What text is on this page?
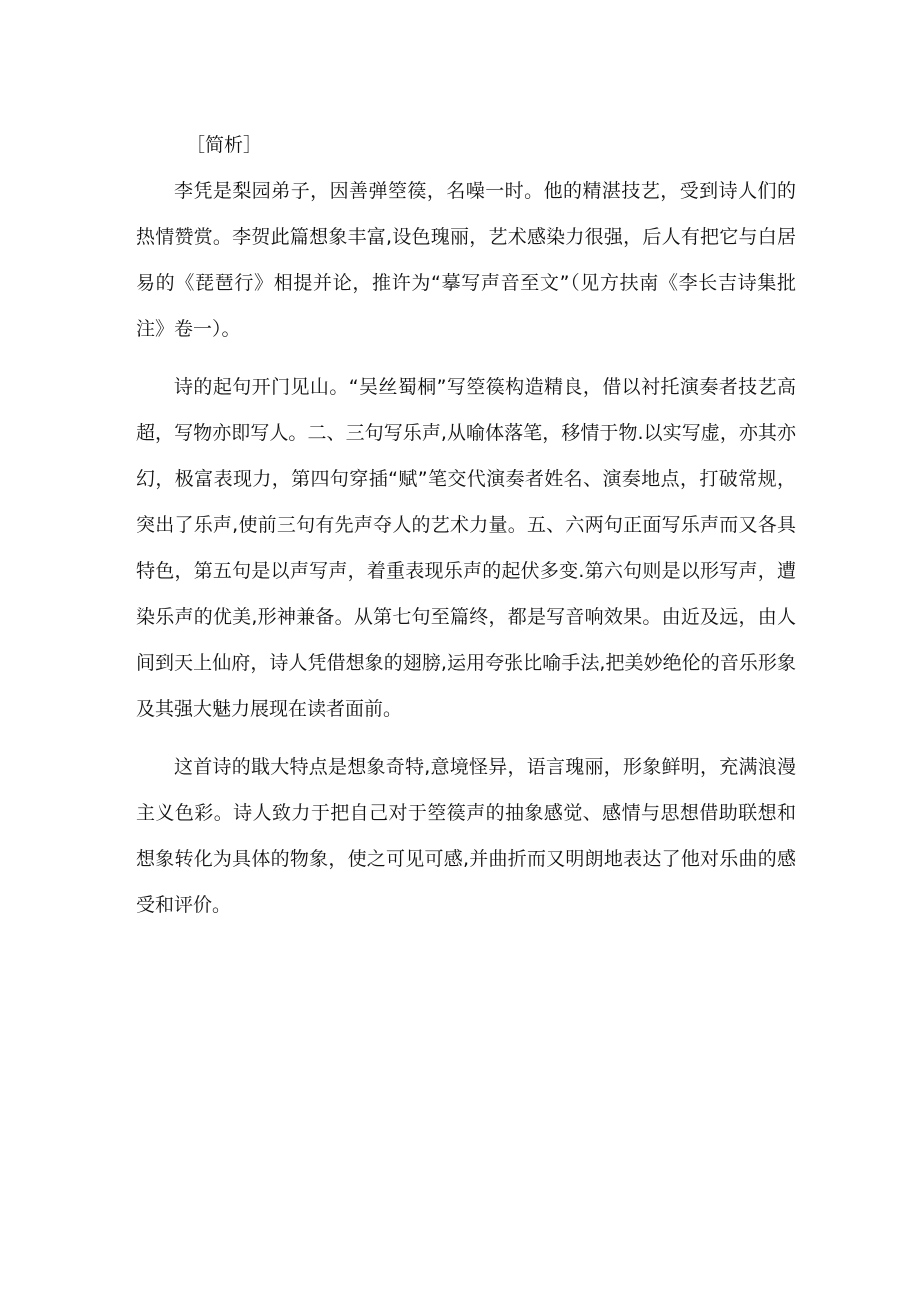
［简析］

李凭是梨园弟子，因善弹箜篌，名噪一时。他的精湛技艺，受到诗人们的热情赞赏。李贺此篇想象丰富,设色瑰丽，艺术感染力很强，后人有把它与白居易的《琵琶行》相提并论，推许为“摹写声音至文”（见方扶南《李长吉诗集批注》卷一）。

诗的起句开门见山。“吴丝蜀桐”写箜篌构造精良，借以衬托演奏者技艺高超，写物亦即写人。二、三句写乐声,从喻体落笔，移情于物.以实写虚，亦其亦幻，极富表现力，第四句穿插“赋”笔交代演奏者姓名、演奏地点，打破常规，突出了乐声,使前三句有先声夺人的艺术力量。五、六两句正面写乐声而又各具特色，第五句是以声写声，着重表现乐声的起伏多变.第六句则是以形写声，遭染乐声的优美,形神兼备。从第七句至篇终，都是写音响效果。由近及远，由人间到天上仙府，诗人凭借想象的翅膀,运用夸张比喻手法,把美妙绝伦的音乐形象及其强大魅力展现在读者面前。

这首诗的戢大特点是想象奇特,意境怪异，语言瑰丽，形象鲜明，充满浪漫主义色彩。诗人致力于把自己对于箜篌声的抽象感觉、感情与思想借助联想和想象转化为具体的物象，使之可见可感,并曲折而又明朗地表达了他对乐曲的感受和评价。
